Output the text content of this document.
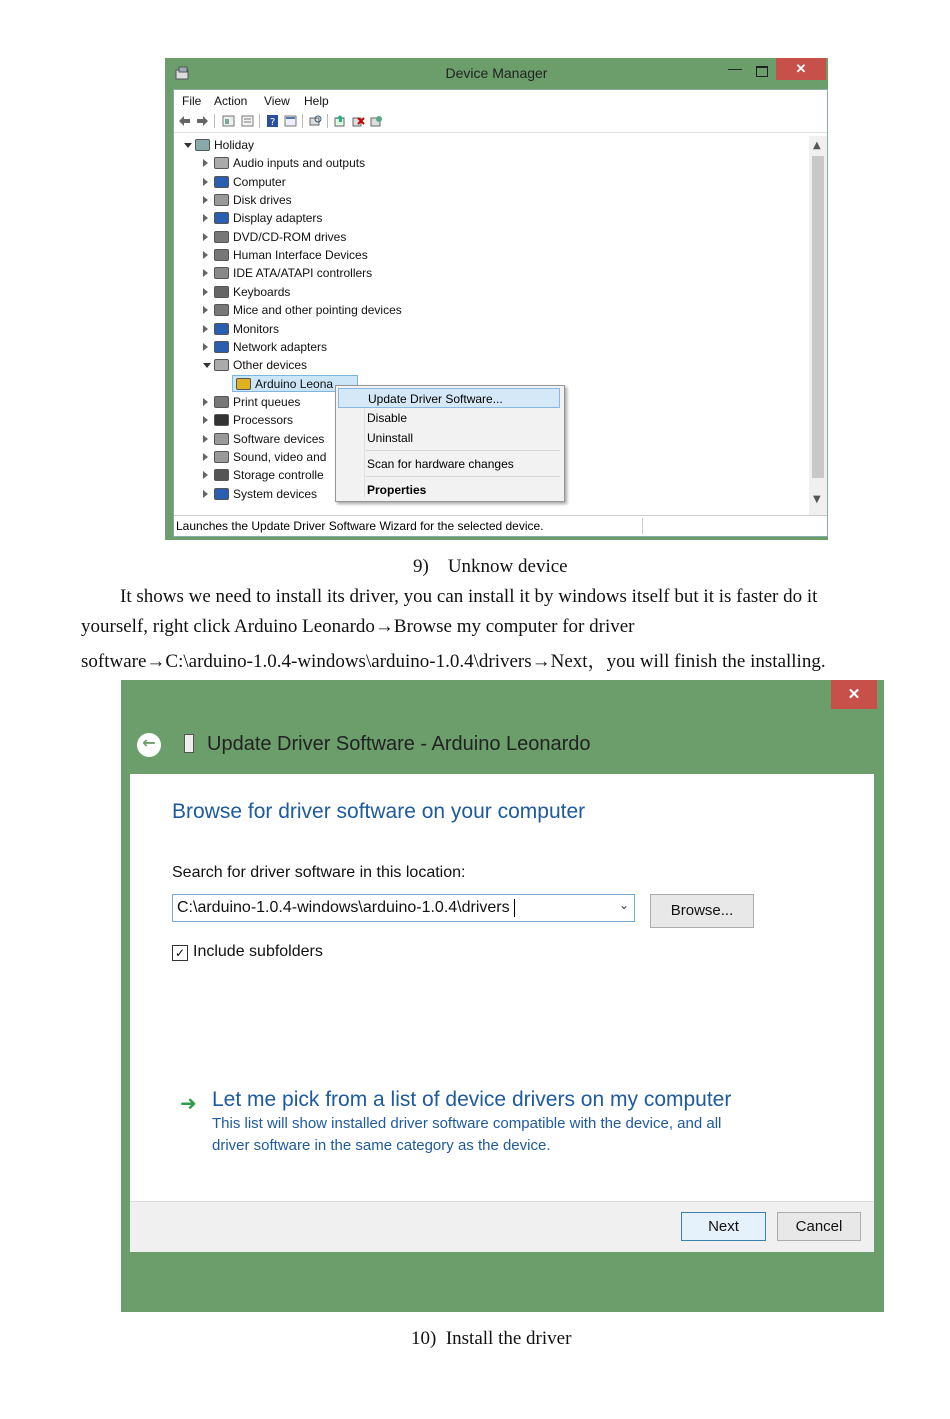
Device Manager	—	✕
File Action View Help
?
Holiday
Audio inputs and outputs
Computer
Disk drives
Display adapters
DVD/CD-ROM drives
Human Interface Devices
IDE ATA/ATAPI controllers
Keyboards
Mice and other pointing devices
Monitors
Network adapters
Other devices
Arduino Leona
Print queues
Processors
Software devices
Sound, video and
Storage controlle
System devices
▲
▼
Launches the Update Driver Software Wizard for the selected device.
Update Driver Software...
Disable
Uninstall
Scan for hardware changes
Properties
9)    Unknow device
It shows we need to install its driver, you can install it by windows itself but it is faster do it
yourself, right click Arduino Leonardo→Browse my computer for driver
software→C:\arduino-1.0.4-windows\arduino-1.0.4\drivers→Next，you will finish the installing.
✕
←	Update Driver Software - Arduino Leonardo
Browse for driver software on your computer
Search for driver software in this location:
C:\arduino-1.0.4-windows\arduino-1.0.4\drivers	⌄	Browse...
✓ Include subfolders
➜ Let me pick from a list of device drivers on my computer
This list will show installed driver software compatible with the device, and all
driver software in the same category as the device.
Next	Cancel
10)  Install the driver
